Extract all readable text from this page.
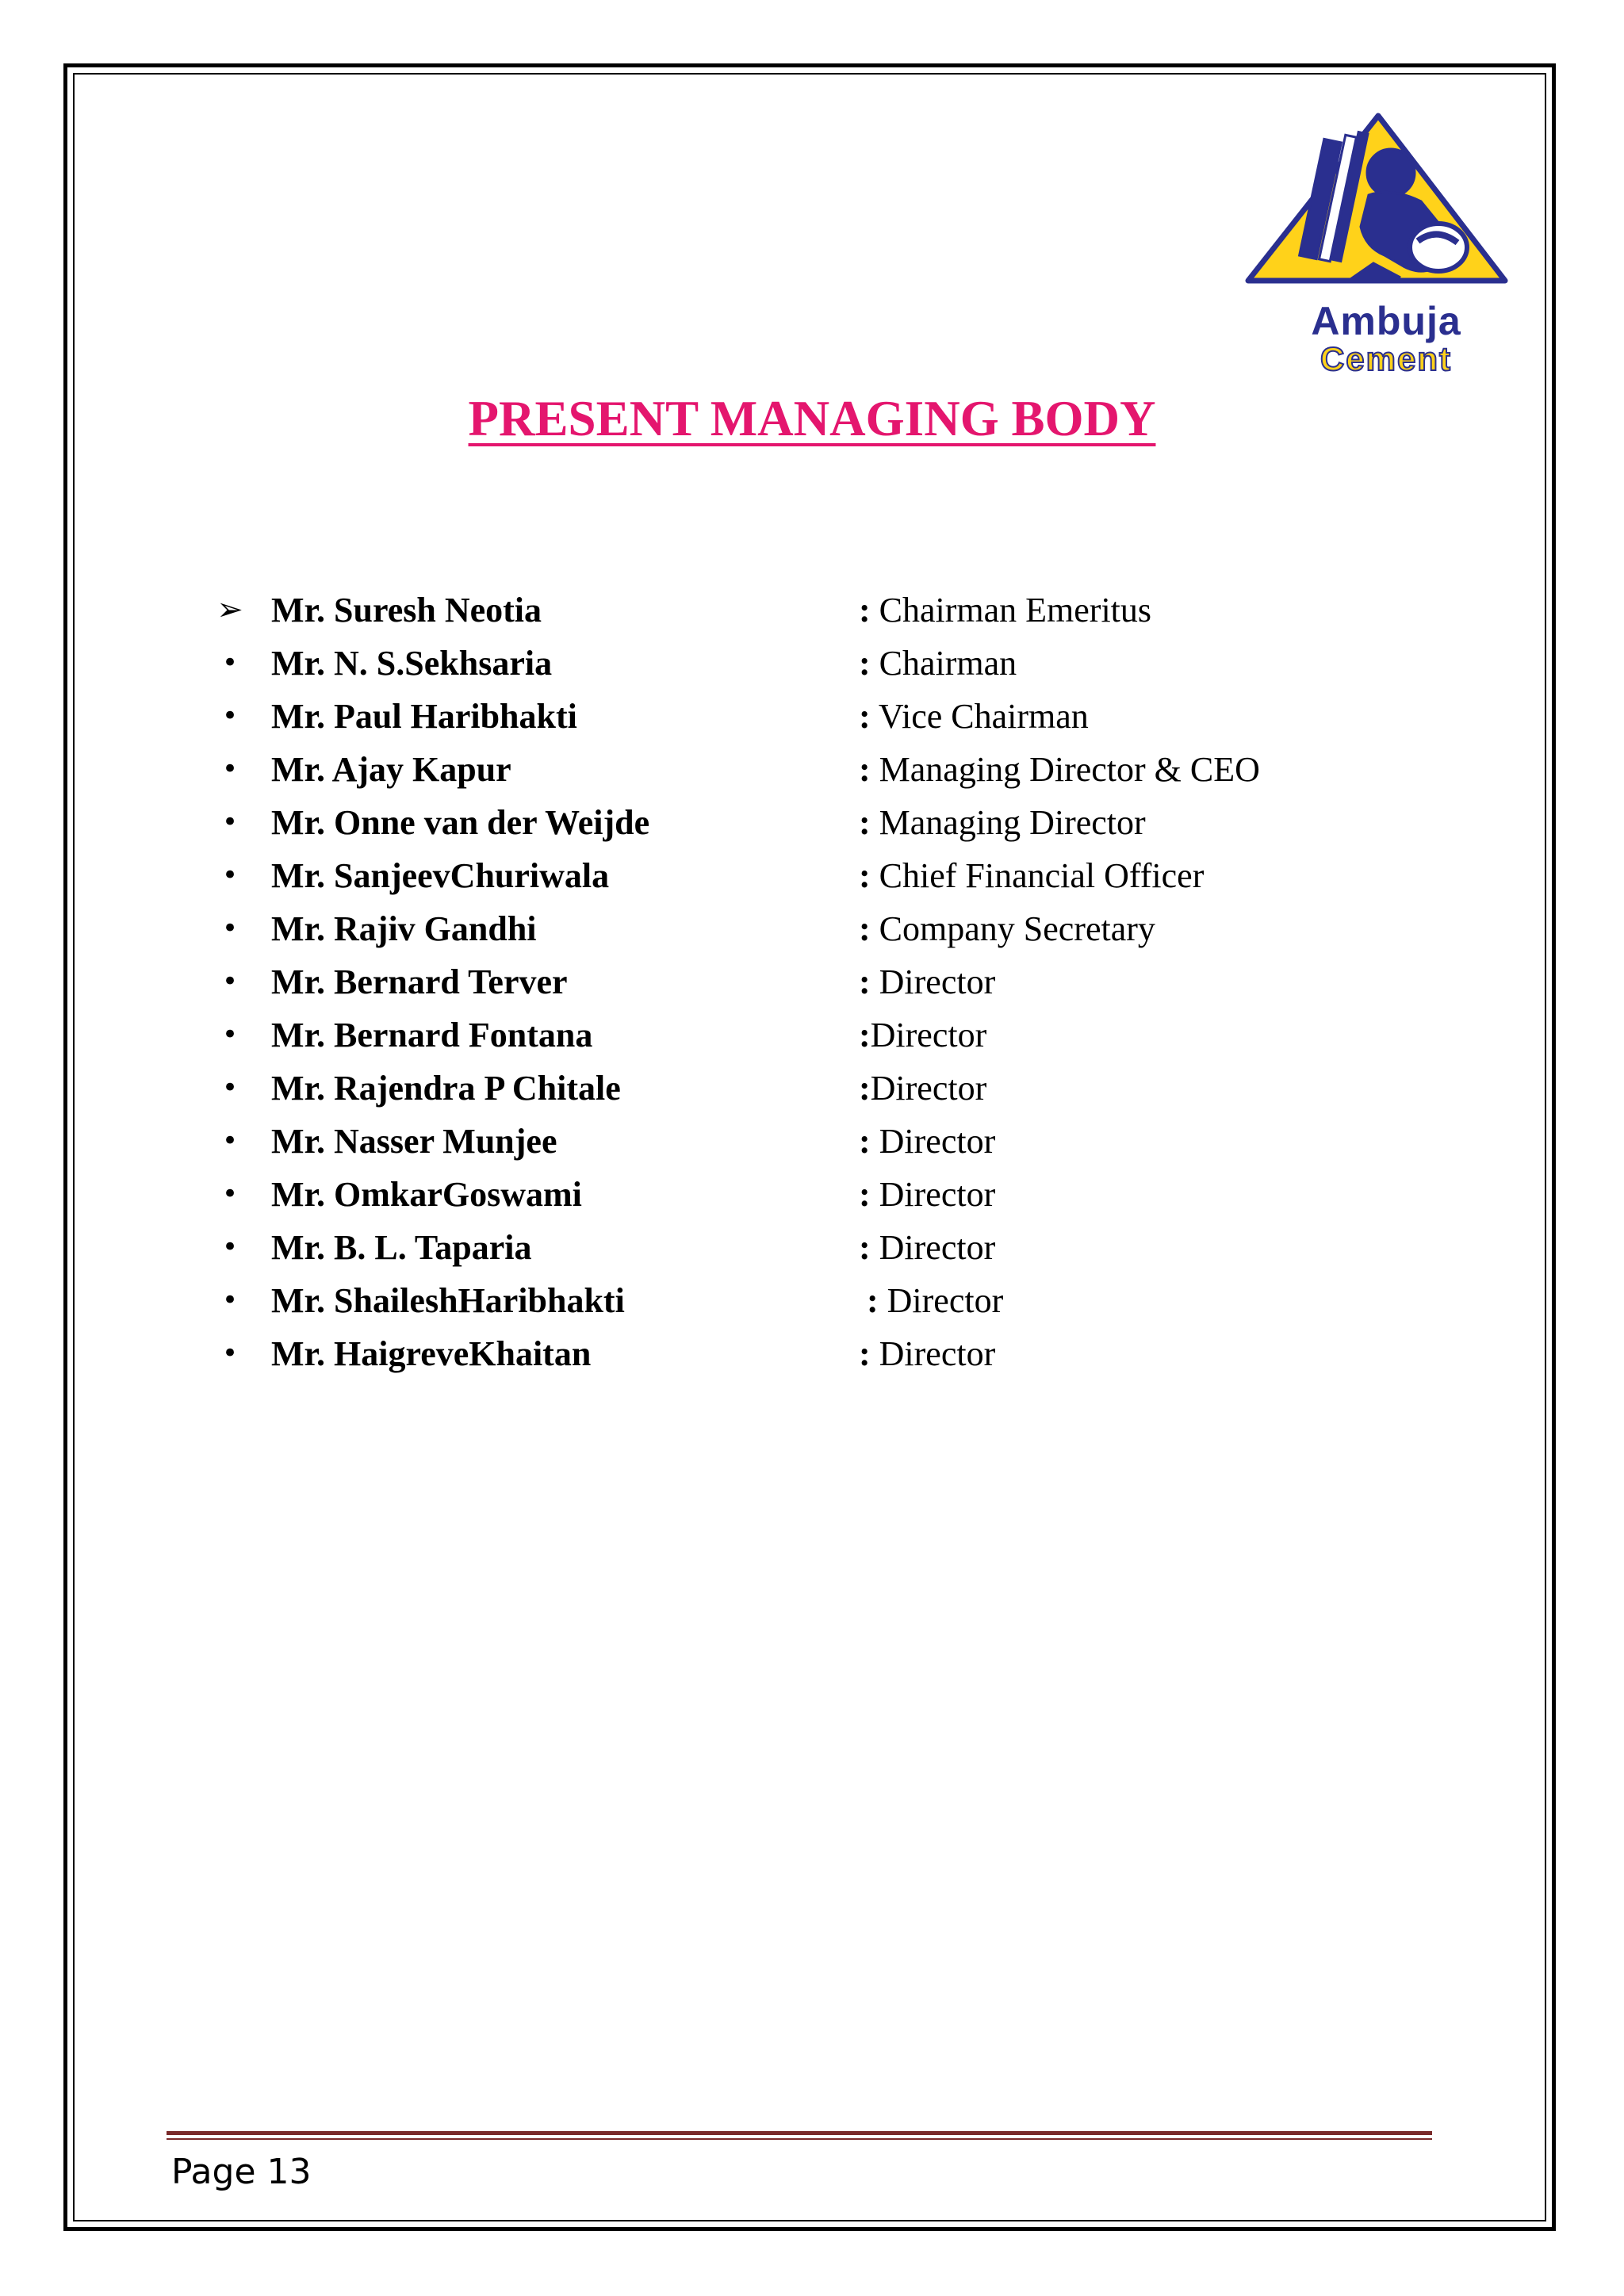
Ambuja
Cement
PRESENT MANAGING BODY
➢ Mr. Suresh Neotia	: Chairman Emeritus
• Mr. N. S.Sekhsaria	: Chairman
• Mr. Paul Haribhakti	: Vice Chairman
• Mr. Ajay Kapur	: Managing Director & CEO
• Mr. Onne van der Weijde	: Managing Director
• Mr. SanjeevChuriwala	: Chief Financial Officer
• Mr. Rajiv Gandhi	: Company Secretary
• Mr. Bernard Terver	: Director
• Mr. Bernard Fontana	:Director
• Mr. Rajendra P Chitale	:Director
• Mr. Nasser Munjee	: Director
• Mr. OmkarGoswami	: Director
• Mr. B. L. Taparia	: Director
• Mr. ShaileshHaribhakti	: Director
• Mr. HaigreveKhaitan	: Director
Page 13
